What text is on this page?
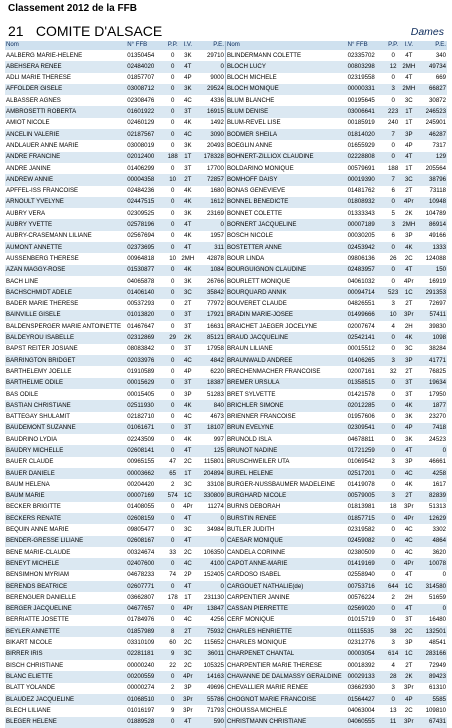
Classement 2012 de la FFB
21 COMITE D'ALSACE	Dames
Nom	N° FFB	P.P.	I.V.	P.E.	Nom	N° FFB	P.P.	I.V.	P.E.
AALBERG MARIE-HELENE	01350454	0	3K	29710	BLINDERMANN COLETTE	02335702	0	4T	340
ABEHSERA RENEE	02484020	0	4T	0	BLOCH LUCY	00803298	12	2MH	49734
ADLI MARIE THERESE	01857707	0	4P	9000	BLOCH MICHELE	02319558	0	4T	669
AFFOLDER GISELE	03008712	0	3K	29524	BLOCH MONIQUE	00000331	3	2MH	66827
ALBASSER AGNES	02308476	0	4C	4336	BLUM BLANCHE	00195645	0	3C	30872
AMBROSETTI ROBERTA	01601922	0	3T	16915	BLUM DENISE	03006641	223	1T	246523
AMIOT NICOLE	02460129	0	4K	1492	BLUM-REVEL LISE	00185919	240	1T	245901
ANCELIN VALERIE	02187567	0	4C	3090	BODMER SHEILA	01814020	7	3P	46287
ANDLAUER ANNE MARIE	03008019	0	3K	20493	BOEGLIN ANNE	01655929	0	4P	7317
ANDRE FRANCINE	02012400	188	1T	178328	BOHNERT-ZILLIOX CLAUDINE	02228808	0	4T	129
ANDRE JANINE	01406299	0	3T	17700	BOLDARINO MONIQUE	00579691	188	1T	205564
ANDREW ANNIE	00004358	10	2T	72857	BOMHOFF DAISY	00019390	7	3C	38796
APFFEL-ISS FRANCOISE	02484236	0	4K	1680	BONAS GENEVIEVE	01481762	6	2T	73118
ARNOULT YVELYNE	02447515	0	4K	1612	BONNEL BENEDICTE	01808932	0	4Pr	10948
AUBRY VERA	02309525	0	3K	23169	BONNET COLETTE	01333343	5	2K	104789
AUBRY YVETTE	02578196	0	4T	0	BORNERT JACQUELINE	00007189	3	2MH	86914
AUBRY-CRASEMANN LILIANE	02567694	0	4K	1957	BOSCH NICOLE	00030205	6	3P	49166
AUMONT ANNETTE	02373695	0	4T	311	BOSTETTER ANNE	02453942	0	4K	1333
AUSSENBERG THERESE	00964818	10	2MH	42878	BOUR LINDA	09806136	26	2C	124088
AZAN MAGGY-ROSE	01530877	0	4K	1084	BOURGUIGNON CLAUDINE	02483957	0	4T	150
BACH LINE	04065878	0	3K	26766	BOURLETT MONIQUE	04061032	0	4Pr	16919
BACHSCHMIDT ADELE	01406140	0	3C	35842	BOURQUARD ANNIK	00094714	523	1C	291353
BADER MARIE THERESE	00537293	0	2T	77972	BOUVERET CLAUDE	04826551	3	2T	72697
BAINVILLE GISELE	01013820	0	3T	17921	BRADIN MARIE-JOSEE	01499666	10	3Pr	57411
BALDENSPERGER MARIE ANTOINETTE	01467647	0	3T	16631	BRAICHET JAEGER JOCELYNE	02007674	4	2H	39830
BALDEYROU ISABELLE	02312869	29	2K	85121	BRAUD JACQUELINE	02542141	0	4K	1098
BAPST REITER JOSIANE	08083842	0	3T	17958	BRAUN LILIANE	00015512	0	3C	38284
BARRINGTON BRIDGET	02033976	0	4C	4842	BRAUNWALD ANDREE	01406265	3	3P	41771
BARTHELEMY JOELLE	01910589	0	4P	6220	BRECHENMACHER FRANCOISE	02007161	32	2T	76825
BARTHELME ODILE	00015629	0	3T	18387	BREMER URSULA	01358515	0	3T	19634
BAS ODILE	00015405	0	3P	51283	BRET SYLVETTE	01421578	0	3T	17950
BASTIAN CHRISTIANE	02511930	0	4K	840	BRICHLER SIMONE	02012285	0	4K	1877
BATTEGAY SHULAMIT	02182710	0	4C	4673	BRIENNER FRANCOISE	01957606	0	3K	23270
BAUDEMONT SUZANNE	01061671	0	3T	18107	BRUN EVELYNE	02309541	0	4P	7418
BAUDRINO LYDIA	02243509	0	4K	997	BRUNOLD ISLA	04678811	0	3K	24523
BAUDRY MICHELLE	02608141	0	4T	125	BRUNOT NADINE	01721259	0	4T	0
BAUER CLAUDE	00965155	47	2C	115801	BRUSCHWEILER UTA	01069542	3	3P	46661
BAUER DANIELE	00003662	65	1T	204894	BUREL HELENE	02517201	0	4C	4258
BAUM HELENA	00204420	2	3C	33108	BURGER-NUSSBAUMER MADELEINE	01419078	0	4K	1617
BAUM MARIE	00007169	574	1C	330809	BURGHARD NICOLE	00579005	3	2T	82839
BECKER BRIGITTE	01408055	0	4Pr	11274	BURNS DEBORAH	01813981	18	3Pr	51313
BECKERS RENATE	02608159	0	4T	0	BURSTIN RENEE	01857715	0	4Pr	12629
BEQUIN ANNE MARIE	09805477	0	3C	34984	BUTLER JUDITH	02319582	0	4C	3302
BENDER-GRESSE LILIANE	02608167	0	4T	0	CAESAR MONIQUE	02459082	0	4C	4864
BENE MARIE-CLAUDE	00324674	33	2C	106350	CANDELA CORINNE	02380509	0	4C	3620
BENEYT MICHELE	02407600	0	4C	4100	CAPOT ANNE-MARIE	01419169	0	4Pr	10078
BENSIMHON MYRIAM	04678233	74	2P	152405	CARDOSO ISABEL	02558940	0	4T	0
BERENDS BEATRICE	02607771	0	4T	0	CARGOUET NATHALIE(de)	00753716	644	1C	314580
BERENGUER DANIELLE	03662807	178	1T	231130	CARPENTIER JANINE	00576224	2	2H	51659
BERGER JACQUELINE	04677657	0	4Pr	13847	CASSAN PIERRETTE	02569020	0	4T	0
BERRIATTE JOSETTE	01784976	0	4C	4256	CERF MONIQUE	01015719	0	3T	16480
BEYLER ANNETTE	01857989	8	2T	75932	CHARLES HENRIETTE	01115535	38	2C	132501
BIKART NICOLE	03310109	60	2C	115652	CHARLES MONIQUE	02312776	3	3P	48541
BIRRER IRIS	02281181	9	3C	36011	CHARPENET CHANTAL	00003054	614	1C	283166
BISCH CHRISTIANE	00000240	22	2C	105325	CHARPENTIER MARIE THERESE	00018392	4	2T	72949
BLANC ELIETTE	00200559	0	4Pr	14163	CHAVANNE DE DALMASSY GERALDINE	00029133	28	2K	89423
BLATT YOLANDE	00000274	2	3P	49696	CHEVALLIER MARIE RENEE	03662930	3	3Pr	61310
BLAUDEZ JACQUELINE	01068510	0	3Pr	55786	CHOGNOT MARIE FRANCOISE	01564427	0	4P	5585
BLECH LILIANE	01016197	9	3Pr	71793	CHOUISSA MICHELE	04063004	13	2C	109810
BLEGER HELENE	01889528	0	4T	590	CHRISTMANN CHRISTIANE	04060555	11	3Pr	67431
